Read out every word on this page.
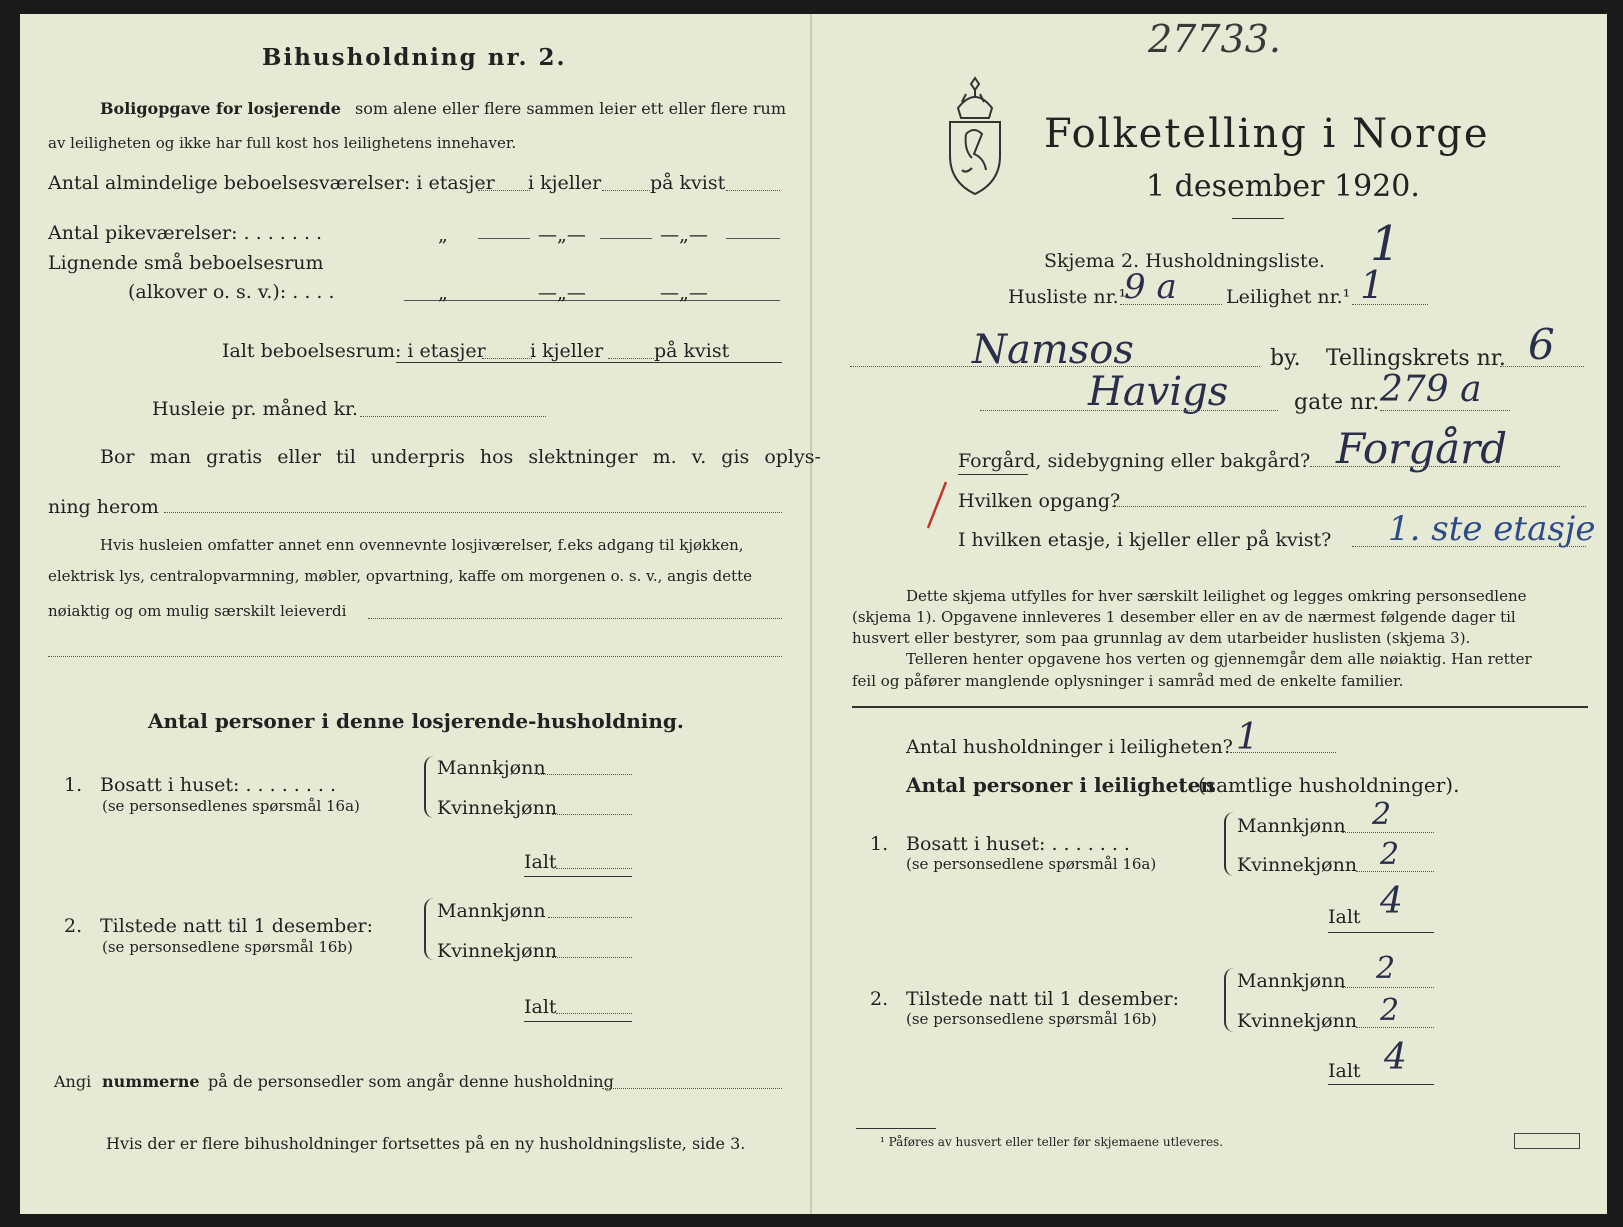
27733.
Bihusholdning nr. 2.
Boligopgave for losjerende som alene eller flere sammen leier ett eller flere rum
av leiligheten og ikke har full kost hos leilighetens innehaver.
Antal almindelige beboelsesværelser: i etasjer i kjeller	på kvist
Antal pikeværelser: . . . . . . .	„	—„—	—„—
Lignende små beboelsesrum
(alkover o. s. v.): . . . .	„	—„—	—„—
Ialt beboelsesrum: i etasjer i kjeller	på kvist
Husleie pr. måned kr.
Bor man gratis eller til underpris hos slektninger m. v. gis oplys-
ning herom
Hvis husleien omfatter annet enn ovennevnte losjiværelser, f.eks adgang til kjøkken,
elektrisk lys, centralopvarmning, møbler, opvartning, kaffe om morgenen o. s. v., angis dette
nøiaktig og om mulig særskilt leieverdi
Antal personer i denne losjerende-husholdning.
1. Bosatt i huset: . . . . . . . .
(se personsedlenes spørsmål 16a)
Mannkjønn
Kvinnekjønn
Ialt
2. Tilstede natt til 1 desember:
(se personsedlene spørsmål 16b)
Mannkjønn
Kvinnekjønn
Ialt
Angi nummerne på de personsedler som angår denne husholdning
Hvis der er flere bihusholdninger fortsettes på en ny husholdningsliste, side 3.
Folketelling i Norge
1 desember 1920.
Skjema 2. Husholdningsliste. 1
Husliste nr.¹
9 a	Leilighet nr.¹ 1
Namsos	by. Tellingskrets nr. 6
Havigs	gate nr. 279 a
Forgård, sidebygning eller bakgård? Forgård
Hvilken opgang?
I hvilken etasje, i kjeller eller på kvist? 1. ste etasje
Dette skjema utfylles for hver særskilt leilighet og legges omkring personsedlene
(skjema 1). Opgavene innleveres 1 desember eller en av de nærmest følgende dager til
husvert eller bestyrer, som paa grunnlag av dem utarbeider huslisten (skjema 3).
Telleren henter opgavene hos verten og gjennemgår dem alle nøiaktig. Han retter
feil og påfører manglende oplysninger i samråd med de enkelte familier.
Antal husholdninger i leiligheten? 1
Antal personer i leiligheten
(samtlige husholdninger).
1. Bosatt i huset: . . . . . . .
(se personsedlene spørsmål 16a)
Mannkjønn 2
Kvinnekjønn 2
Ialt 4
2. Tilstede natt til 1 desember:
(se personsedlene spørsmål 16b)
Mannkjønn 2
Kvinnekjønn 2
Ialt 4
¹ Påføres av husvert eller teller før skjemaene utleveres.
